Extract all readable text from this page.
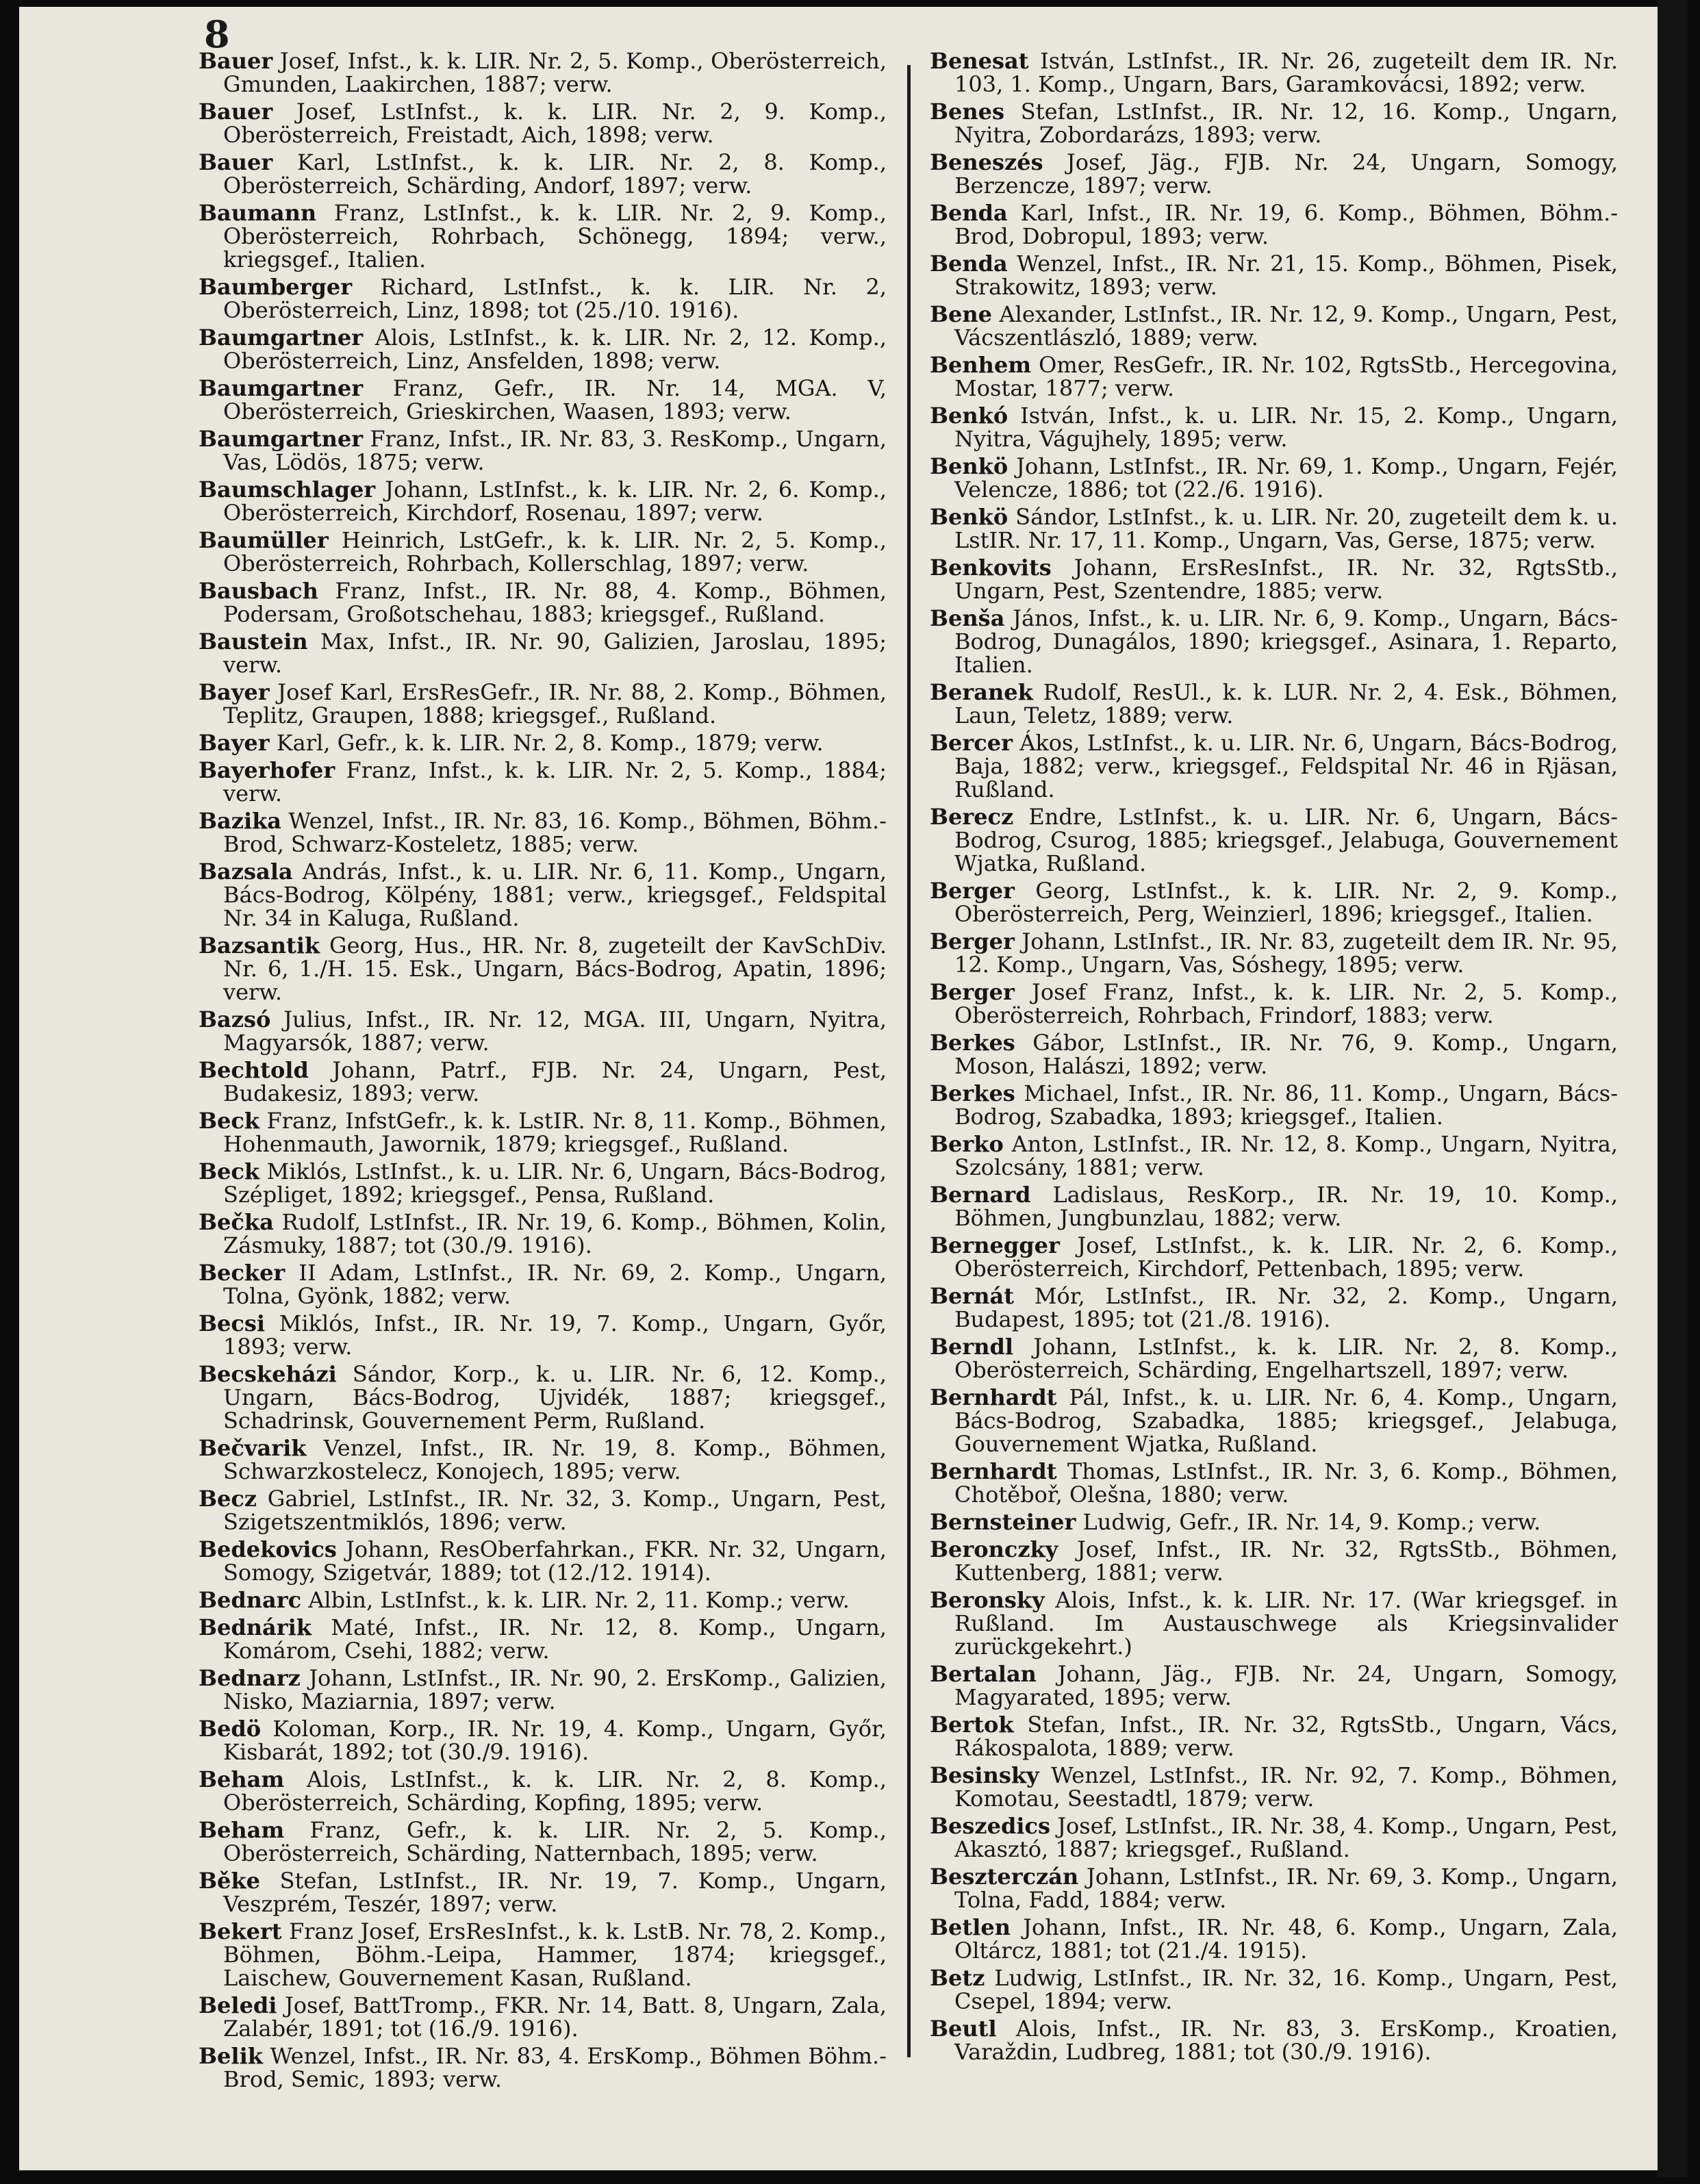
8

Bauer Josef, Infst., k. k. LIR. Nr. 2, 5. Komp., Oberösterreich, Gmunden, Laakirchen, 1887; verw.

Bauer Josef, LstInfst., k. k. LIR. Nr. 2, 9. Komp., Oberösterreich, Freistadt, Aich, 1898; verw.

Bauer Karl, LstInfst., k. k. LIR. Nr. 2, 8. Komp., Oberösterreich, Schärding, Andorf, 1897; verw.

Baumann Franz, LstInfst., k. k. LIR. Nr. 2, 9. Komp., Oberösterreich, Rohrbach, Schönegg, 1894; verw., kriegsgef., Italien.

Baumberger Richard, LstInfst., k. k. LIR. Nr. 2, Oberösterreich, Linz, 1898; tot (25./10. 1916).

Baumgartner Alois, LstInfst., k. k. LIR. Nr. 2, 12. Komp., Oberösterreich, Linz, Ansfelden, 1898; verw.

Baumgartner Franz, Gefr., IR. Nr. 14, MGA. V, Oberösterreich, Grieskirchen, Waasen, 1893; verw.

Baumgartner Franz, Infst., IR. Nr. 83, 3. ResKomp., Ungarn, Vas, Lödös, 1875; verw.

Baumschlager Johann, LstInfst., k. k. LIR. Nr. 2, 6. Komp., Oberösterreich, Kirchdorf, Rosenau, 1897; verw.

Baumüller Heinrich, LstGefr., k. k. LIR. Nr. 2, 5. Komp., Oberösterreich, Rohrbach, Kollerschlag, 1897; verw.

Bausbach Franz, Infst., IR. Nr. 88, 4. Komp., Böhmen, Podersam, Großotschehau, 1883; kriegsgef., Rußland.

Baustein Max, Infst., IR. Nr. 90, Galizien, Jaroslau, 1895; verw.

Bayer Josef Karl, ErsResGefr., IR. Nr. 88, 2. Komp., Böhmen, Teplitz, Graupen, 1888; kriegsgef., Rußland.

Bayer Karl, Gefr., k. k. LIR. Nr. 2, 8. Komp., 1879; verw.

Bayerhofer Franz, Infst., k. k. LIR. Nr. 2, 5. Komp., 1884; verw.

Bazika Wenzel, Infst., IR. Nr. 83, 16. Komp., Böhmen, Böhm.-Brod, Schwarz-Kosteletz, 1885; verw.

Bazsala András, Infst., k. u. LIR. Nr. 6, 11. Komp., Ungarn, Bács-Bodrog, Kölpény, 1881; verw., kriegsgef., Feldspital Nr. 34 in Kaluga, Rußland.

Bazsantik Georg, Hus., HR. Nr. 8, zugeteilt der KavSchDiv. Nr. 6, 1./H. 15. Esk., Ungarn, Bács-Bodrog, Apatin, 1896; verw.

Bazsó Julius, Infst., IR. Nr. 12, MGA. III, Ungarn, Nyitra, Magyarsók, 1887; verw.

Bechtold Johann, Patrf., FJB. Nr. 24, Ungarn, Pest, Budakesiz, 1893; verw.

Beck Franz, InfstGefr., k. k. LstIR. Nr. 8, 11. Komp., Böhmen, Hohenmauth, Jawornik, 1879; kriegsgef., Rußland.

Beck Miklós, LstInfst., k. u. LIR. Nr. 6, Ungarn, Bács-Bodrog, Szépliget, 1892; kriegsgef., Pensa, Rußland.

Bečka Rudolf, LstInfst., IR. Nr. 19, 6. Komp., Böhmen, Kolin, Zásmuky, 1887; tot (30./9. 1916).

Becker II Adam, LstInfst., IR. Nr. 69, 2. Komp., Ungarn, Tolna, Gyönk, 1882; verw.

Becsi Miklós, Infst., IR. Nr. 19, 7. Komp., Ungarn, Győr, 1893; verw.

Becskeházi Sándor, Korp., k. u. LIR. Nr. 6, 12. Komp., Ungarn, Bács-Bodrog, Ujvidék, 1887; kriegsgef., Schadrinsk, Gouvernement Perm, Rußland.

Bečvarik Venzel, Infst., IR. Nr. 19, 8. Komp., Böhmen, Schwarzkostelecz, Konojech, 1895; verw.

Becz Gabriel, LstInfst., IR. Nr. 32, 3. Komp., Ungarn, Pest, Szigetszentmiklós, 1896; verw.

Bedekovics Johann, ResOberfahrkan., FKR. Nr. 32, Ungarn, Somogy, Szigetvár, 1889; tot (12./12. 1914).

Bednarc Albin, LstInfst., k. k. LIR. Nr. 2, 11. Komp.; verw.

Bednárik Maté, Infst., IR. Nr. 12, 8. Komp., Ungarn, Komárom, Csehi, 1882; verw.

Bednarz Johann, LstInfst., IR. Nr. 90, 2. ErsKomp., Galizien, Nisko, Maziarnia, 1897; verw.

Bedö Koloman, Korp., IR. Nr. 19, 4. Komp., Ungarn, Győr, Kisbarát, 1892; tot (30./9. 1916).

Beham Alois, LstInfst., k. k. LIR. Nr. 2, 8. Komp., Oberösterreich, Schärding, Kopfing, 1895; verw.

Beham Franz, Gefr., k. k. LIR. Nr. 2, 5. Komp., Oberösterreich, Schärding, Natternbach, 1895; verw.

Běke Stefan, LstInfst., IR. Nr. 19, 7. Komp., Ungarn, Veszprém, Teszér, 1897; verw.

Bekert Franz Josef, ErsResInfst., k. k. LstB. Nr. 78, 2. Komp., Böhmen, Böhm.-Leipa, Hammer, 1874; kriegsgef., Laischew, Gouvernement Kasan, Rußland.

Beledi Josef, BattTromp., FKR. Nr. 14, Batt. 8, Ungarn, Zala, Zalabér, 1891; tot (16./9. 1916).

Belik Wenzel, Infst., IR. Nr. 83, 4. ErsKomp., Böhmen Böhm.-Brod, Semic, 1893; verw.

Benesat István, LstInfst., IR. Nr. 26, zugeteilt dem IR. Nr. 103, 1. Komp., Ungarn, Bars, Garamkovácsi, 1892; verw.

Benes Stefan, LstInfst., IR. Nr. 12, 16. Komp., Ungarn, Nyitra, Zobordarázs, 1893; verw.

Beneszés Josef, Jäg., FJB. Nr. 24, Ungarn, Somogy, Berzencze, 1897; verw.

Benda Karl, Infst., IR. Nr. 19, 6. Komp., Böhmen, Böhm.-Brod, Dobropul, 1893; verw.

Benda Wenzel, Infst., IR. Nr. 21, 15. Komp., Böhmen, Pisek, Strakowitz, 1893; verw.

Bene Alexander, LstInfst., IR. Nr. 12, 9. Komp., Ungarn, Pest, Vácszentlászló, 1889; verw.

Benhem Omer, ResGefr., IR. Nr. 102, RgtsStb., Hercegovina, Mostar, 1877; verw.

Benkó István, Infst., k. u. LIR. Nr. 15, 2. Komp., Ungarn, Nyitra, Vágujhely, 1895; verw.

Benkö Johann, LstInfst., IR. Nr. 69, 1. Komp., Ungarn, Fejér, Velencze, 1886; tot (22./6. 1916).

Benkö Sándor, LstInfst., k. u. LIR. Nr. 20, zugeteilt dem k. u. LstIR. Nr. 17, 11. Komp., Ungarn, Vas, Gerse, 1875; verw.

Benkovits Johann, ErsResInfst., IR. Nr. 32, RgtsStb., Ungarn, Pest, Szentendre, 1885; verw.

Benša János, Infst., k. u. LIR. Nr. 6, 9. Komp., Ungarn, Bács-Bodrog, Dunagálos, 1890; kriegsgef., Asinara, 1. Reparto, Italien.

Beranek Rudolf, ResUl., k. k. LUR. Nr. 2, 4. Esk., Böhmen, Laun, Teletz, 1889; verw.

Bercer Ákos, LstInfst., k. u. LIR. Nr. 6, Ungarn, Bács-Bodrog, Baja, 1882; verw., kriegsgef., Feldspital Nr. 46 in Rjäsan, Rußland.

Berecz Endre, LstInfst., k. u. LIR. Nr. 6, Ungarn, Bács-Bodrog, Csurog, 1885; kriegsgef., Jelabuga, Gouvernement Wjatka, Rußland.

Berger Georg, LstInfst., k. k. LIR. Nr. 2, 9. Komp., Oberösterreich, Perg, Weinzierl, 1896; kriegsgef., Italien.

Berger Johann, LstInfst., IR. Nr. 83, zugeteilt dem IR. Nr. 95, 12. Komp., Ungarn, Vas, Sóshegy, 1895; verw.

Berger Josef Franz, Infst., k. k. LIR. Nr. 2, 5. Komp., Oberösterreich, Rohrbach, Frindorf, 1883; verw.

Berkes Gábor, LstInfst., IR. Nr. 76, 9. Komp., Ungarn, Moson, Halászi, 1892; verw.

Berkes Michael, Infst., IR. Nr. 86, 11. Komp., Ungarn, Bács-Bodrog, Szabadka, 1893; kriegsgef., Italien.

Berko Anton, LstInfst., IR. Nr. 12, 8. Komp., Ungarn, Nyitra, Szolcsány, 1881; verw.

Bernard Ladislaus, ResKorp., IR. Nr. 19, 10. Komp., Böhmen, Jungbunzlau, 1882; verw.

Bernegger Josef, LstInfst., k. k. LIR. Nr. 2, 6. Komp., Oberösterreich, Kirchdorf, Pettenbach, 1895; verw.

Bernát Mór, LstInfst., IR. Nr. 32, 2. Komp., Ungarn, Budapest, 1895; tot (21./8. 1916).

Berndl Johann, LstInfst., k. k. LIR. Nr. 2, 8. Komp., Oberösterreich, Schärding, Engelhartszell, 1897; verw.

Bernhardt Pál, Infst., k. u. LIR. Nr. 6, 4. Komp., Ungarn, Bács-Bodrog, Szabadka, 1885; kriegsgef., Jelabuga, Gouvernement Wjatka, Rußland.

Bernhardt Thomas, LstInfst., IR. Nr. 3, 6. Komp., Böhmen, Chotěboř, Olešna, 1880; verw.

Bernsteiner Ludwig, Gefr., IR. Nr. 14, 9. Komp.; verw.

Beronczky Josef, Infst., IR. Nr. 32, RgtsStb., Böhmen, Kuttenberg, 1881; verw.

Beronsky Alois, Infst., k. k. LIR. Nr. 17. (War kriegsgef. in Rußland. Im Austauschwege als Kriegsinvalider zurückgekehrt.)

Bertalan Johann, Jäg., FJB. Nr. 24, Ungarn, Somogy, Magyarated, 1895; verw.

Bertok Stefan, Infst., IR. Nr. 32, RgtsStb., Ungarn, Vács, Rákospalota, 1889; verw.

Besinsky Wenzel, LstInfst., IR. Nr. 92, 7. Komp., Böhmen, Komotau, Seestadtl, 1879; verw.

Beszedics Josef, LstInfst., IR. Nr. 38, 4. Komp., Ungarn, Pest, Akasztó, 1887; kriegsgef., Rußland.

Beszterczán Johann, LstInfst., IR. Nr. 69, 3. Komp., Ungarn, Tolna, Fadd, 1884; verw.

Betlen Johann, Infst., IR. Nr. 48, 6. Komp., Ungarn, Zala, Oltárcz, 1881; tot (21./4. 1915).

Betz Ludwig, LstInfst., IR. Nr. 32, 16. Komp., Ungarn, Pest, Csepel, 1894; verw.

Beutl Alois, Infst., IR. Nr. 83, 3. ErsKomp., Kroatien, Varaždin, Ludbreg, 1881; tot (30./9. 1916).
